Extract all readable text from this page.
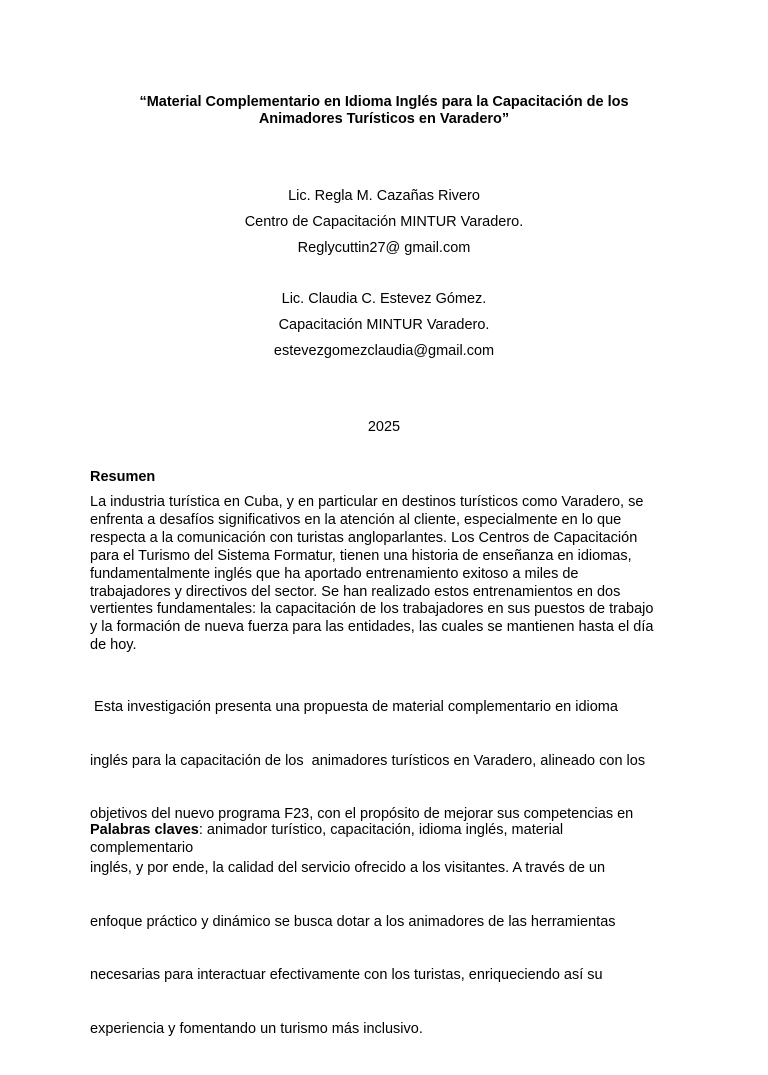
“Material Complementario en Idioma Inglés para la Capacitación de los
Animadores Turísticos en Varadero”
Lic. Regla M. Cazañas Rivero
Centro de Capacitación MINTUR Varadero.
Reglycuttin27@ gmail.com
Lic. Claudia C. Estevez Gómez.
Capacitación MINTUR Varadero.
estevezgomezclaudia@gmail.com
2025
Resumen
La industria turística en Cuba, y en particular en destinos turísticos como Varadero, se
enfrenta a desafíos significativos en la atención al cliente, especialmente en lo que
respecta a la comunicación con turistas angloparlantes. Los Centros de Capacitación
para el Turismo del Sistema Formatur, tienen una historia de enseñanza en idiomas,
fundamentalmente inglés que ha aportado entrenamiento exitoso a miles de
trabajadores y directivos del sector. Se han realizado estos entrenamientos en dos
vertientes fundamentales: la capacitación de los trabajadores en sus puestos de trabajo
y la formación de nueva fuerza para las entidades, las cuales se mantienen hasta el día
de hoy.

Esta investigación presenta una propuesta de material complementario en idioma

inglés para la capacitación de los  animadores turísticos en Varadero, alineado con los

objetivos del nuevo programa F23, con el propósito de mejorar sus competencias en

inglés, y por ende, la calidad del servicio ofrecido a los visitantes. A través de un

enfoque práctico y dinámico se busca dotar a los animadores de las herramientas

necesarias para interactuar efectivamente con los turistas, enriqueciendo así su

experiencia y fomentando un turismo más inclusivo.

Palabras claves: animador turístico, capacitación, idioma inglés, material
complementario
